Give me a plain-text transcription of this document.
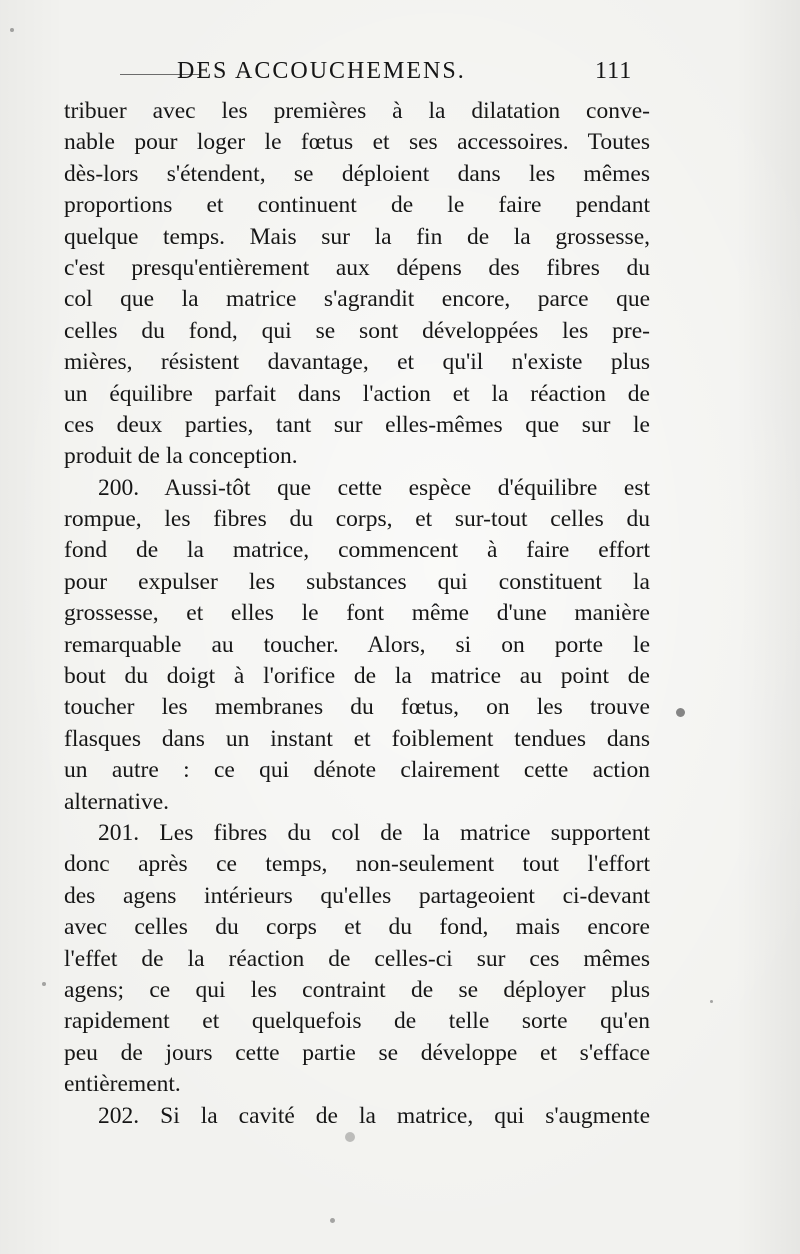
DES ACCOUCHEMENS.	111
tribuer avec les premières à la dilatation conve-
nable pour loger le fœtus et ses accessoires. Toutes
dès-lors s'étendent, se déploient dans les mêmes
proportions et continuent de le faire pendant
quelque temps. Mais sur la fin de la grossesse,
c'est presqu'entièrement aux dépens des fibres du
col que la matrice s'agrandit encore, parce que
celles du fond, qui se sont développées les pre-
mières, résistent davantage, et qu'il n'existe plus
un équilibre parfait dans l'action et la réaction de
ces deux parties, tant sur elles-mêmes que sur le
produit de la conception.
200. Aussi-tôt que cette espèce d'équilibre est
rompue, les fibres du corps, et sur-tout celles du
fond de la matrice, commencent à faire effort
pour expulser les substances qui constituent la
grossesse, et elles le font même d'une manière
remarquable au toucher. Alors, si on porte le
bout du doigt à l'orifice de la matrice au point de
toucher les membranes du fœtus, on les trouve
flasques dans un instant et foiblement tendues dans
un autre : ce qui dénote clairement cette action
alternative.
201. Les fibres du col de la matrice supportent
donc après ce temps, non-seulement tout l'effort
des agens intérieurs qu'elles partageoient ci-devant
avec celles du corps et du fond, mais encore
l'effet de la réaction de celles-ci sur ces mêmes
agens; ce qui les contraint de se déployer plus
rapidement et quelquefois de telle sorte qu'en
peu de jours cette partie se développe et s'efface
entièrement.
202. Si la cavité de la matrice, qui s'augmente
